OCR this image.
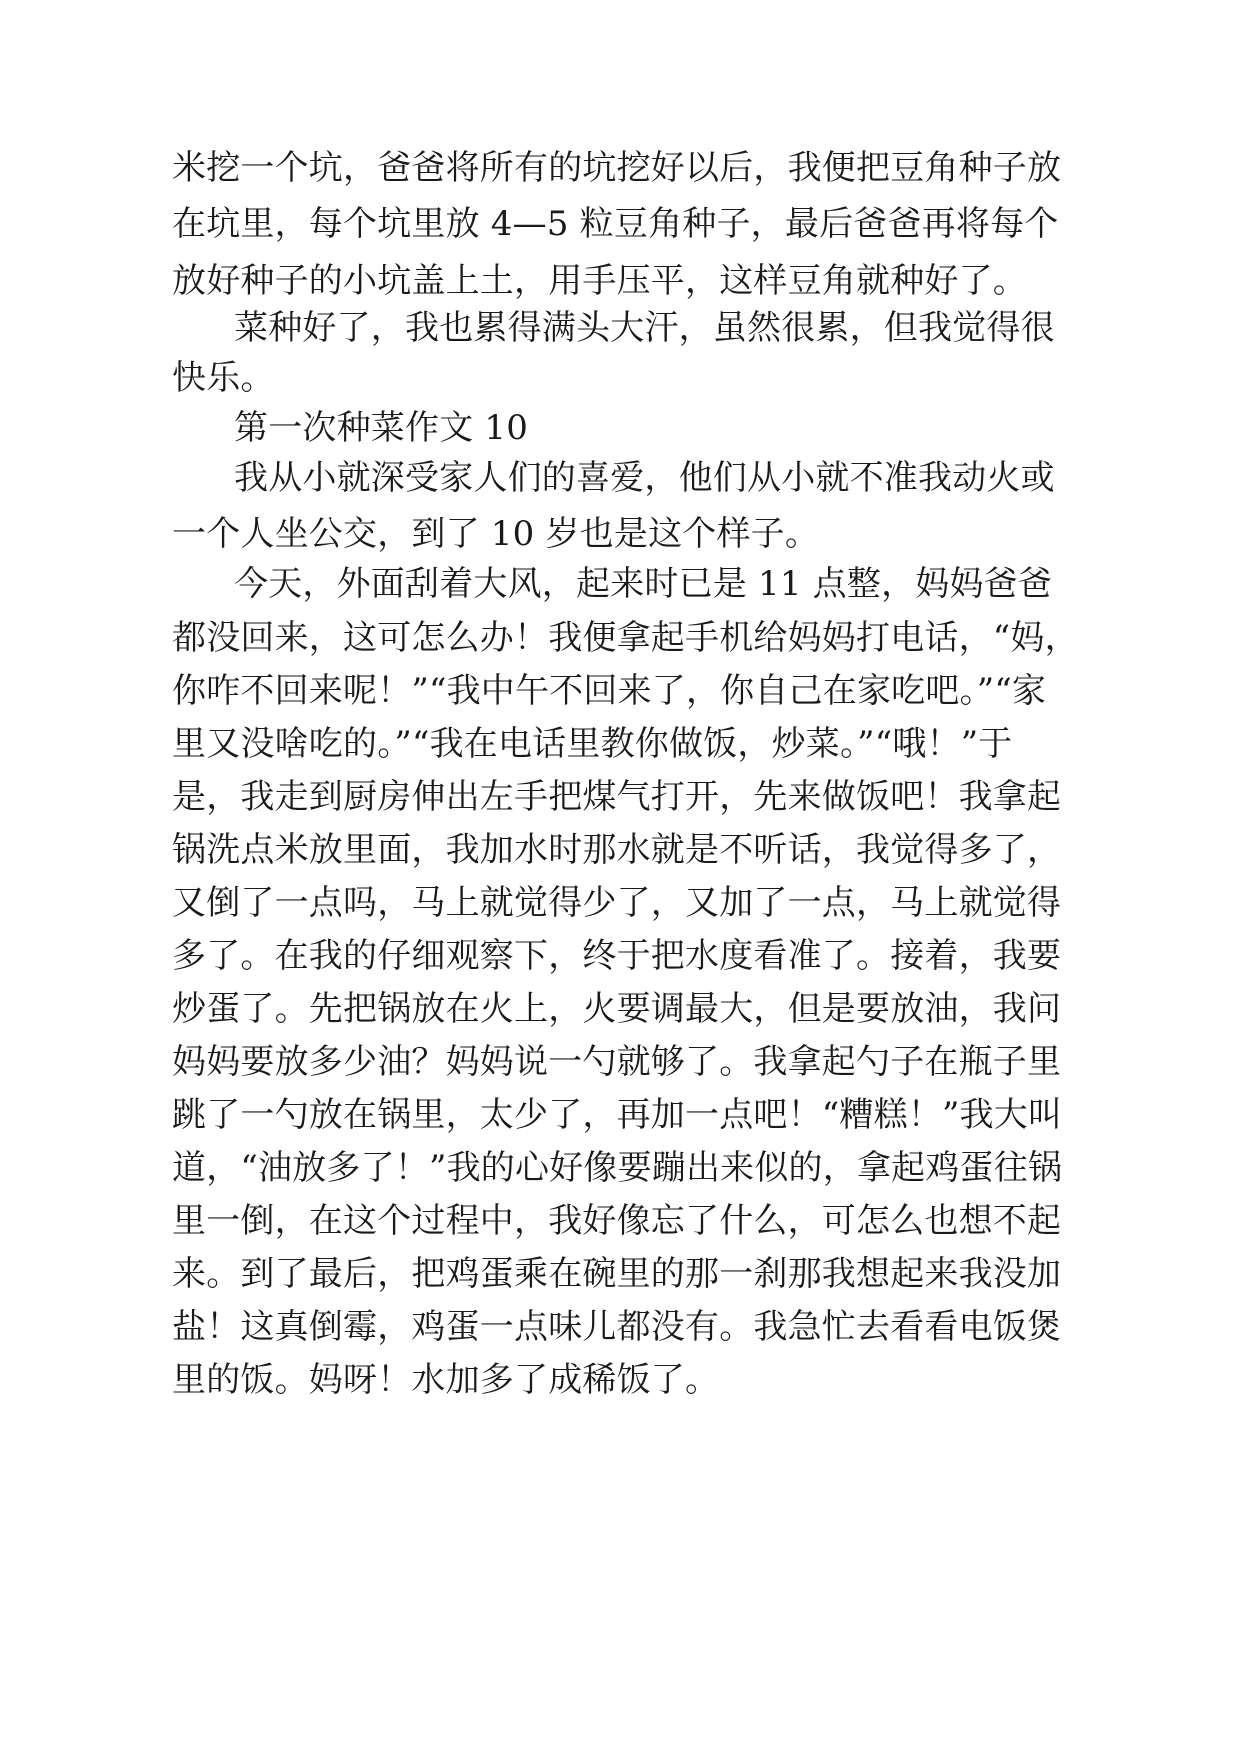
米挖一个坑，爸爸将所有的坑挖好以后，我便把豆角种子放
在坑里，每个坑里放 4—5 粒豆角种子，最后爸爸再将每个
放好种子的小坑盖上土，用手压平，这样豆角就种好了。
菜种好了，我也累得满头大汗，虽然很累，但我觉得很
快乐。
第一次种菜作文 10
我从小就深受家人们的喜爱，他们从小就不准我动火或
一个人坐公交，到了 10 岁也是这个样子。
今天，外面刮着大风，起来时已是 11 点整，妈妈爸爸
都没回来，这可怎么办！我便拿起手机给妈妈打电话，“妈，
你咋不回来呢！”“我中午不回来了，你自己在家吃吧。”“家
里又没啥吃的。”“我在电话里教你做饭，炒菜。”“哦！”于
是，我走到厨房伸出左手把煤气打开，先来做饭吧！我拿起
锅洗点米放里面，我加水时那水就是不听话，我觉得多了，
又倒了一点吗，马上就觉得少了，又加了一点，马上就觉得
多了。在我的仔细观察下，终于把水度看准了。接着，我要
炒蛋了。先把锅放在火上，火要调最大，但是要放油，我问
妈妈要放多少油？妈妈说一勺就够了。我拿起勺子在瓶子里
跳了一勺放在锅里，太少了，再加一点吧！“糟糕！”我大叫
道，“油放多了！”我的心好像要蹦出来似的，拿起鸡蛋往锅
里一倒，在这个过程中，我好像忘了什么，可怎么也想不起
来。到了最后，把鸡蛋乘在碗里的那一刹那我想起来我没加
盐！这真倒霉，鸡蛋一点味儿都没有。我急忙去看看电饭煲
里的饭。妈呀！水加多了成稀饭了。
